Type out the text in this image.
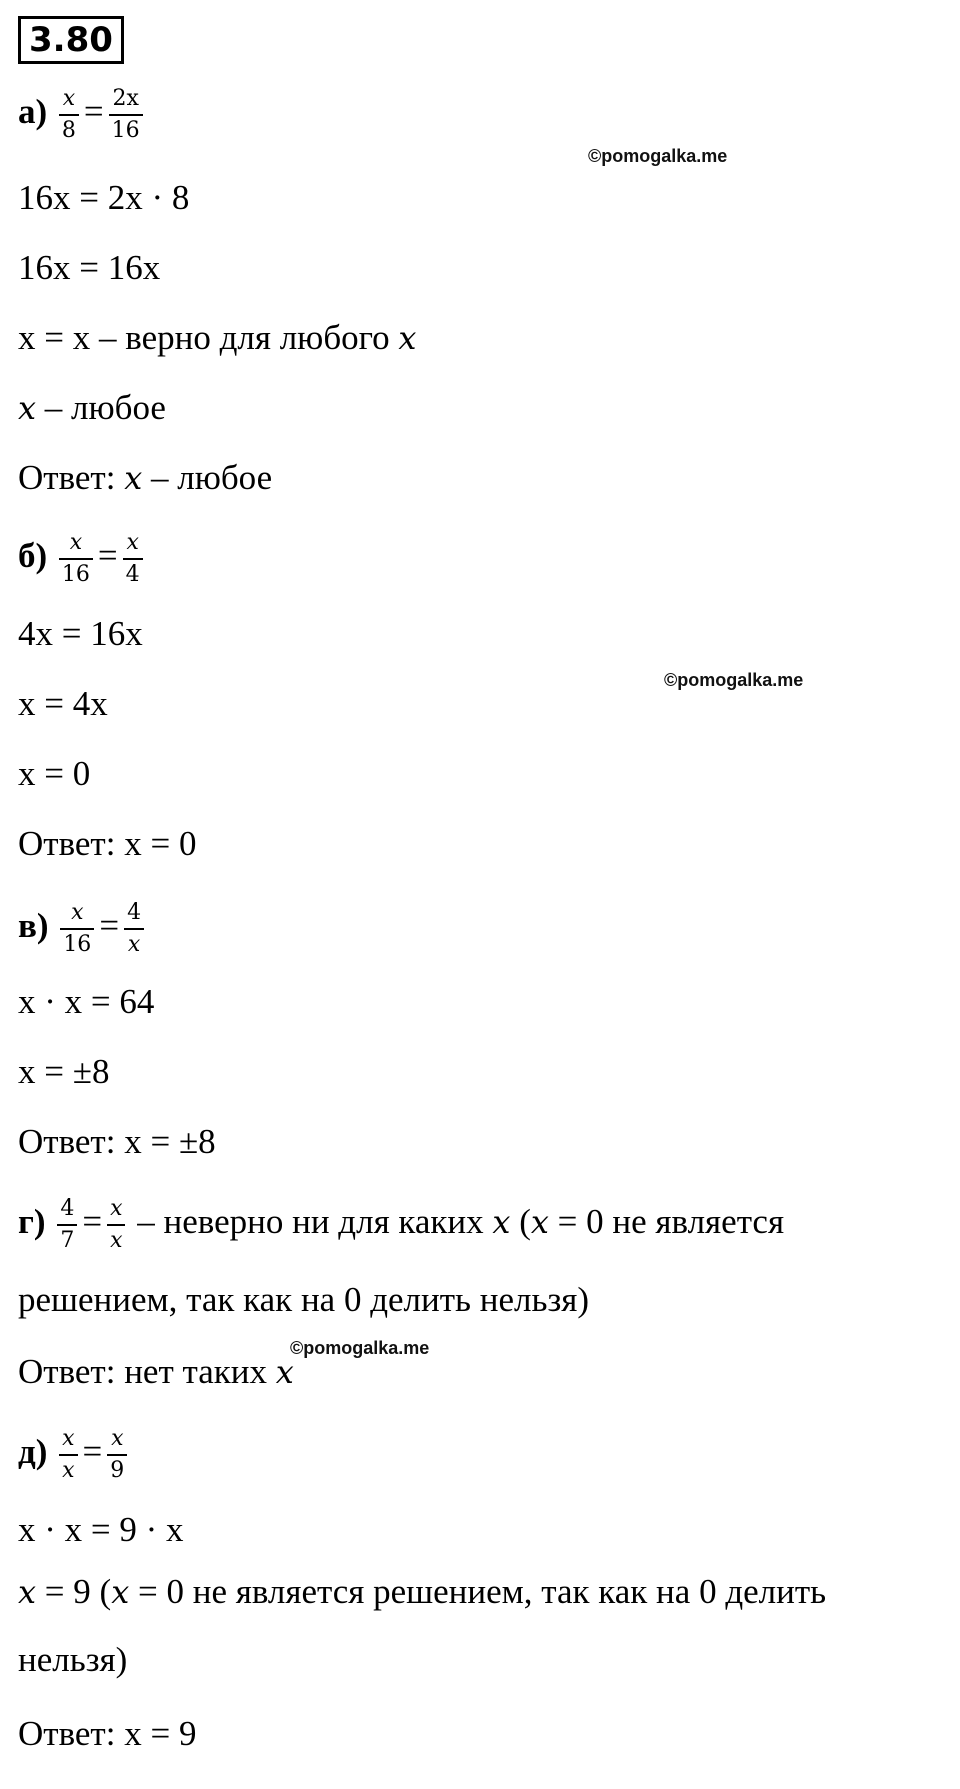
3.80
$а) \frac{x}{8} = \frac{2x}{16}$
©pomogalka.me
16x = 2x · 8
16x = 16x
x = x – верно для любого x
x – любое
Ответ: x – любое
$б) \frac{x}{16} = \frac{x}{4}$
4x = 16x
©pomogalka.me
x = 4x
x = 0
Ответ: x = 0
$в) \frac{x}{16} = \frac{4}{x}$
x · x = 64
x = ±8
Ответ: x = ±8
$г) \frac{4}{7} = \frac{x}{x}$ – неверно ни для каких x (x = 0 не является
решением, так как на 0 делить нельзя)
©pomogalka.me
Ответ: нет таких x
$д) \frac{x}{x} = \frac{x}{9}$
x · x = 9 · x
x = 9 (x = 0 не является решением, так как на 0 делить
нельзя)
Ответ: x = 9
